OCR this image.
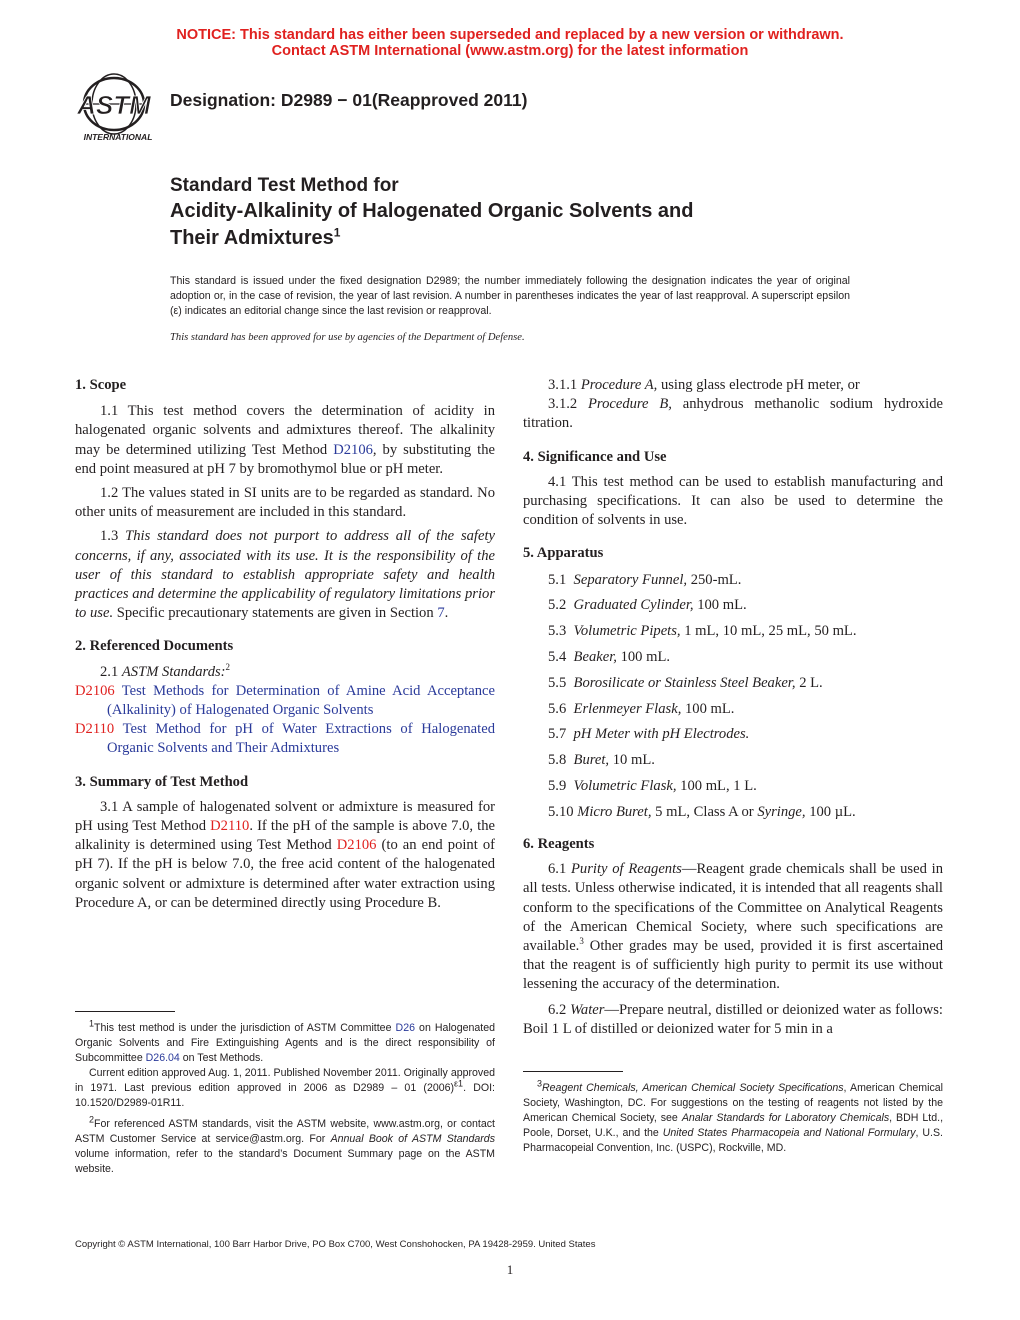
NOTICE: This standard has either been superseded and replaced by a new version or withdrawn.
Contact ASTM International (www.astm.org) for the latest information
ASTM
INTERNATIONAL
Designation: D2989 − 01(Reapproved 2011)
Standard Test Method for
Acidity-Alkalinity of Halogenated Organic Solvents and
Their Admixtures$^1$
This standard is issued under the fixed designation D2989; the number immediately following the designation indicates the year of original adoption or, in the case of revision, the year of last revision. A number in parentheses indicates the year of last reapproval. A superscript epsilon (ε) indicates an editorial change since the last revision or reapproval.
This standard has been approved for use by agencies of the Department of Defense.

1. Scope

1.1 This test method covers the determination of acidity in halogenated organic solvents and admixtures thereof. The alkalinity may be determined utilizing Test Method D2106, by substituting the end point measured at pH 7 by bromothymol blue or pH meter.

1.2 The values stated in SI units are to be regarded as standard. No other units of measurement are included in this standard.

1.3 This standard does not purport to address all of the safety concerns, if any, associated with its use. It is the responsibility of the user of this standard to establish appropriate safety and health practices and determine the applicability of regulatory limitations prior to use. Specific precautionary statements are given in Section 7.

2. Referenced Documents

2.1 ASTM Standards:$^2$

D2106 Test Methods for Determination of Amine Acid Acceptance (Alkalinity) of Halogenated Organic Solvents

D2110 Test Method for pH of Water Extractions of Halogenated Organic Solvents and Their Admixtures

3. Summary of Test Method

3.1 A sample of halogenated solvent or admixture is measured for pH using Test Method D2110. If the pH of the sample is above 7.0, the alkalinity is determined using Test Method D2106 (to an end point of pH 7). If the pH is below 7.0, the free acid content of the halogenated organic solvent or admixture is determined after water extraction using Procedure A, or can be determined directly using Procedure B.

$^1$This test method is under the jurisdiction of ASTM Committee D26 on Halogenated Organic Solvents and Fire Extinguishing Agents and is the direct responsibility of Subcommittee D26.04 on Test Methods.

Current edition approved Aug. 1, 2011. Published November 2011. Originally approved in 1971. Last previous edition approved in 2006 as D2989 – 01 $(2006)^{\varepsilon 1}$. DOI: 10.1520/D2989-01R11.

$^2$For referenced ASTM standards, visit the ASTM website, www.astm.org, or contact ASTM Customer Service at service@astm.org. For Annual Book of ASTM Standards volume information, refer to the standard’s Document Summary page on the ASTM website.

3.1.1 Procedure A, using glass electrode pH meter, or

3.1.2 Procedure B, anhydrous methanolic sodium hydroxide titration.

4. Significance and Use

4.1 This test method can be used to establish manufacturing and purchasing specifications. It can also be used to determine the condition of solvents in use.

5. Apparatus

5.1 Separatory Funnel, 250-mL.

5.2 Graduated Cylinder, 100 mL.

5.3 Volumetric Pipets, 1 mL, 10 mL, 25 mL, 50 mL.

5.4 Beaker, 100 mL.

5.5 Borosilicate or Stainless Steel Beaker, 2 L.

5.6 Erlenmeyer Flask, 100 mL.

5.7 pH Meter with pH Electrodes.

5.8 Buret, 10 mL.

5.9 Volumetric Flask, 100 mL, 1 L.

5.10 Micro Buret, 5 mL, Class A or Syringe, 100 µL.

6. Reagents

6.1 Purity of Reagents—Reagent grade chemicals shall be used in all tests. Unless otherwise indicated, it is intended that all reagents shall conform to the specifications of the Committee on Analytical Reagents of the American Chemical Society, where such specifications are available.$^3$ Other grades may be used, provided it is first ascertained that the reagent is of sufficiently high purity to permit its use without lessening the accuracy of the determination.

6.2 Water—Prepare neutral, distilled or deionized water as follows: Boil 1 L of distilled or deionized water for 5 min in a

$^3$Reagent Chemicals, American Chemical Society Specifications, American Chemical Society, Washington, DC. For suggestions on the testing of reagents not listed by the American Chemical Society, see Analar Standards for Laboratory Chemicals, BDH Ltd., Poole, Dorset, U.K., and the United States Pharmacopeia and National Formulary, U.S. Pharmacopeial Convention, Inc. (USPC), Rockville, MD.

Copyright © ASTM International, 100 Barr Harbor Drive, PO Box C700, West Conshohocken, PA 19428-2959. United States
1
